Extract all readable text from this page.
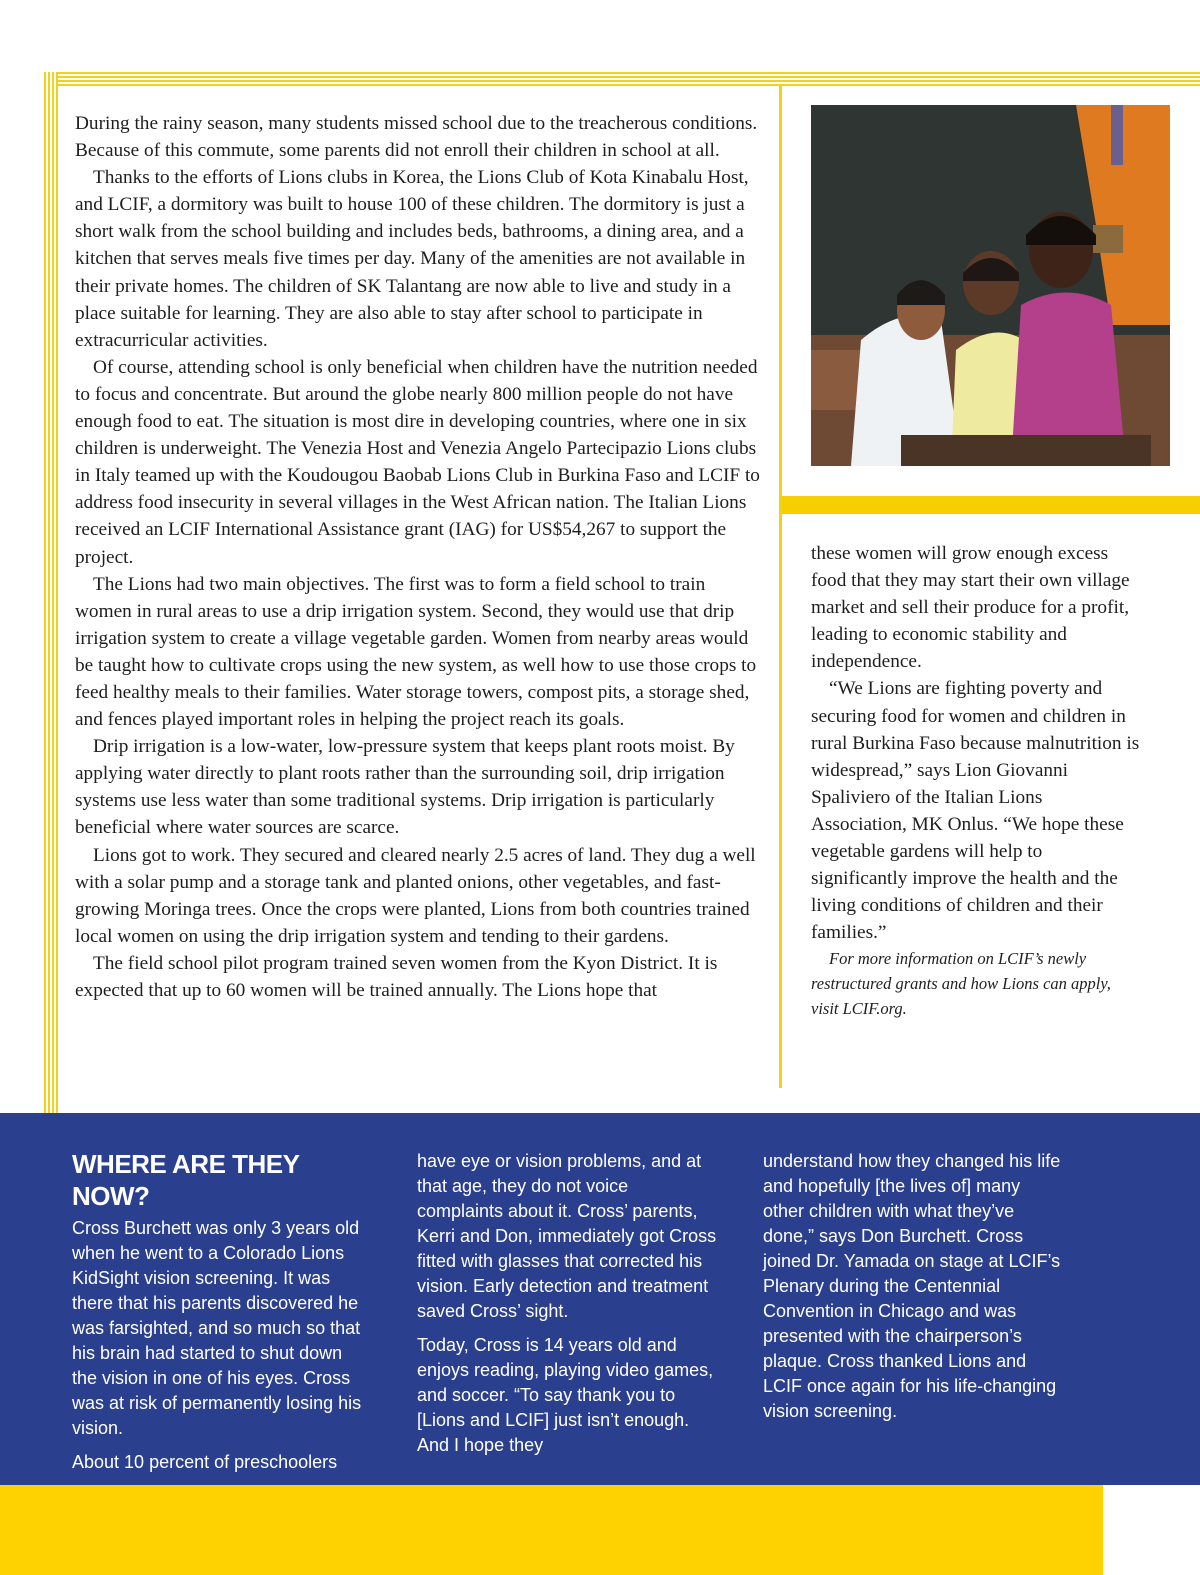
During the rainy season, many students missed school due to the treacherous conditions. Because of this commute, some parents did not enroll their children in school at all.

Thanks to the efforts of Lions clubs in Korea, the Lions Club of Kota Kinabalu Host, and LCIF, a dormitory was built to house 100 of these children. The dormitory is just a short walk from the school building and includes beds, bathrooms, a dining area, and a kitchen that serves meals five times per day. Many of the amenities are not available in their private homes. The children of SK Talantang are now able to live and study in a place suitable for learning. They are also able to stay after school to participate in extracurricular activities.

Of course, attending school is only beneficial when children have the nutrition needed to focus and concentrate. But around the globe nearly 800 million people do not have enough food to eat. The situation is most dire in developing countries, where one in six children is underweight. The Venezia Host and Venezia Angelo Partecipazio Lions clubs in Italy teamed up with the Koudougou Baobab Lions Club in Burkina Faso and LCIF to address food insecurity in several villages in the West African nation. The Italian Lions received an LCIF International Assistance grant (IAG) for US$54,267 to support the project.

The Lions had two main objectives. The first was to form a field school to train women in rural areas to use a drip irrigation system. Second, they would use that drip irrigation system to create a village vegetable garden. Women from nearby areas would be taught how to cultivate crops using the new system, as well how to use those crops to feed healthy meals to their families. Water storage towers, compost pits, a storage shed, and fences played important roles in helping the project reach its goals.

Drip irrigation is a low-water, low-pressure system that keeps plant roots moist. By applying water directly to plant roots rather than the surrounding soil, drip irrigation systems use less water than some traditional systems. Drip irrigation is particularly beneficial where water sources are scarce.

Lions got to work. They secured and cleared nearly 2.5 acres of land. They dug a well with a solar pump and a storage tank and planted onions, other vegetables, and fast-growing Moringa trees. Once the crops were planted, Lions from both countries trained local women on using the drip irrigation system and tending to their gardens.

The field school pilot program trained seven women from the Kyon District. It is expected that up to 60 women will be trained annually. The Lions hope that

these women will grow enough excess food that they may start their own village market and sell their produce for a profit, leading to economic stability and independence.

“We Lions are fighting poverty and securing food for women and children in rural Burkina Faso because malnutrition is widespread,” says Lion Giovanni Spaliviero of the Italian Lions Association, MK Onlus. “We hope these vegetable gardens will help to significantly improve the health and the living conditions of children and their families.”

For more information on LCIF’s newly restructured grants and how Lions can apply, visit LCIF.org.

WHERE ARE THEY NOW?

Cross Burchett was only 3 years old when he went to a Colorado Lions KidSight vision screening. It was there that his parents discovered he was farsighted, and so much so that his brain had started to shut down the vision in one of his eyes. Cross was at risk of permanently losing his vision.

About 10 percent of preschoolers

have eye or vision problems, and at that age, they do not voice complaints about it. Cross’ parents, Kerri and Don, immediately got Cross fitted with glasses that corrected his vision. Early detection and treatment saved Cross’ sight.

Today, Cross is 14 years old and enjoys reading, playing video games, and soccer. “To say thank you to [Lions and LCIF] just isn’t enough. And I hope they

understand how they changed his life and hopefully [the lives of] many other children with what they’ve done,” says Don Burchett. Cross joined Dr. Yamada on stage at LCIF’s Plenary during the Centennial Convention in Chicago and was presented with the chairperson’s plaque. Cross thanked Lions and LCIF once again for his life-changing vision screening.
